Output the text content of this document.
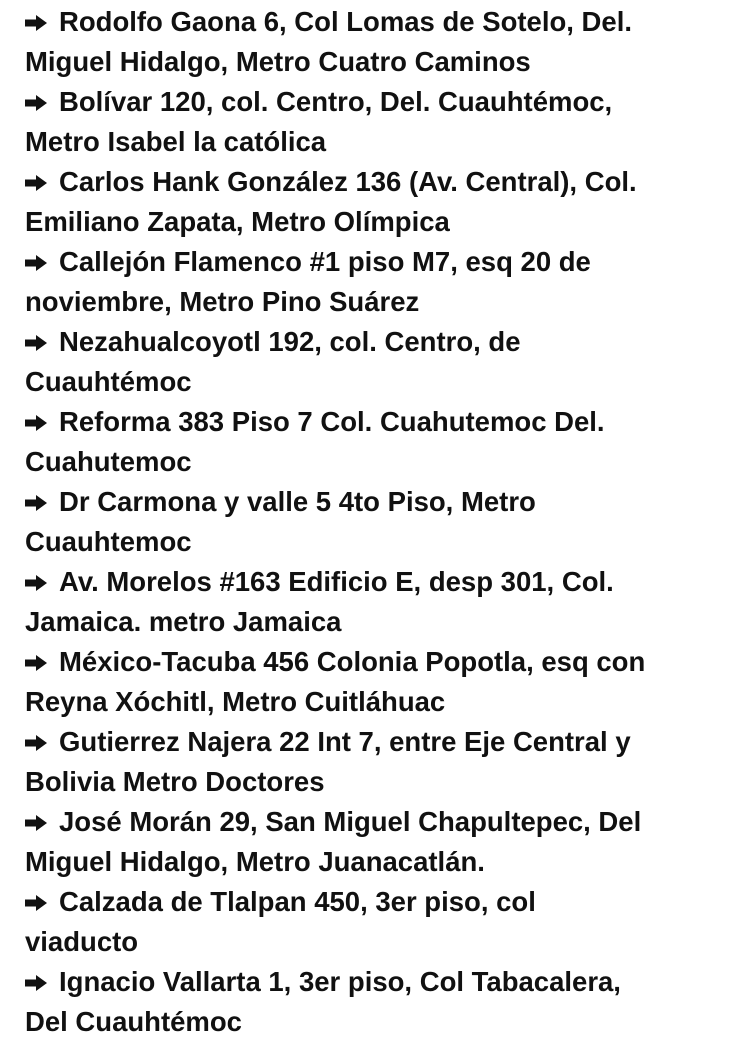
Rodolfo Gaona 6, Col Lomas de Sotelo, Del.
Miguel Hidalgo, Metro Cuatro Caminos
Bolívar 120, col. Centro, Del. Cuauhtémoc,
Metro Isabel la católica
Carlos Hank González 136 (Av. Central), Col.
Emiliano Zapata, Metro Olímpica
Callejón Flamenco #1 piso M7, esq 20 de
noviembre, Metro Pino Suárez
Nezahualcoyotl 192, col. Centro, de
Cuauhtémoc
Reforma 383 Piso 7 Col. Cuahutemoc Del.
Cuahutemoc
Dr Carmona y valle 5 4to Piso, Metro
Cuauhtemoc
Av. Morelos #163 Edificio E, desp 301, Col.
Jamaica. metro Jamaica
México-Tacuba 456 Colonia Popotla, esq con
Reyna Xóchitl, Metro Cuitláhuac
Gutierrez Najera 22 Int 7, entre Eje Central y
Bolivia Metro Doctores
José Morán 29, San Miguel Chapultepec, Del
Miguel Hidalgo, Metro Juanacatlán.
Calzada de Tlalpan 450, 3er piso, col
viaducto
Ignacio Vallarta 1, 3er piso, Col Tabacalera,
Del Cuauhtémoc
